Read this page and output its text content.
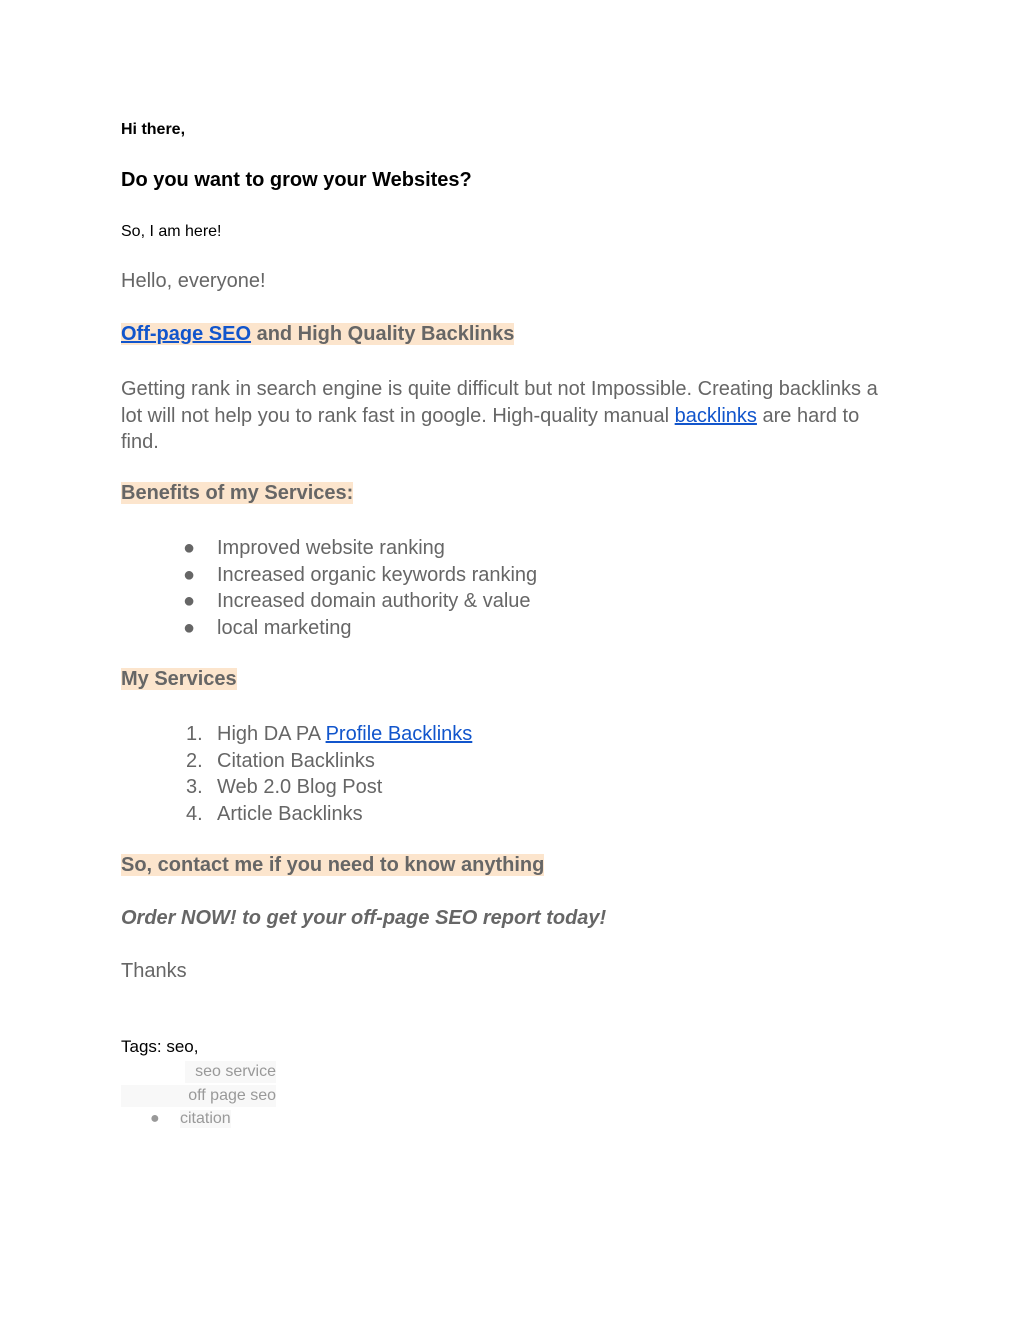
Hi there,
Do you want to grow your Websites?
So, I am here!
Hello, everyone!
Off-page SEO and High Quality Backlinks
Getting rank in search engine is quite difficult but not Impossible. Creating backlinks a
lot will not help you to rank fast in google. High-quality manual backlinks are hard to
find.
Benefits of my Services:
●	Improved website ranking
●	Increased organic keywords ranking
●	Increased domain authority & value
●	local marketing
My Services
1. High DA PA Profile Backlinks
2. Citation Backlinks
3. Web 2.0 Blog Post
4. Article Backlinks
So, contact me if you need to know anything
Order NOW! to get your off-page SEO report today!
Thanks
Tags: seo,
seo service
off page seo
● citation
